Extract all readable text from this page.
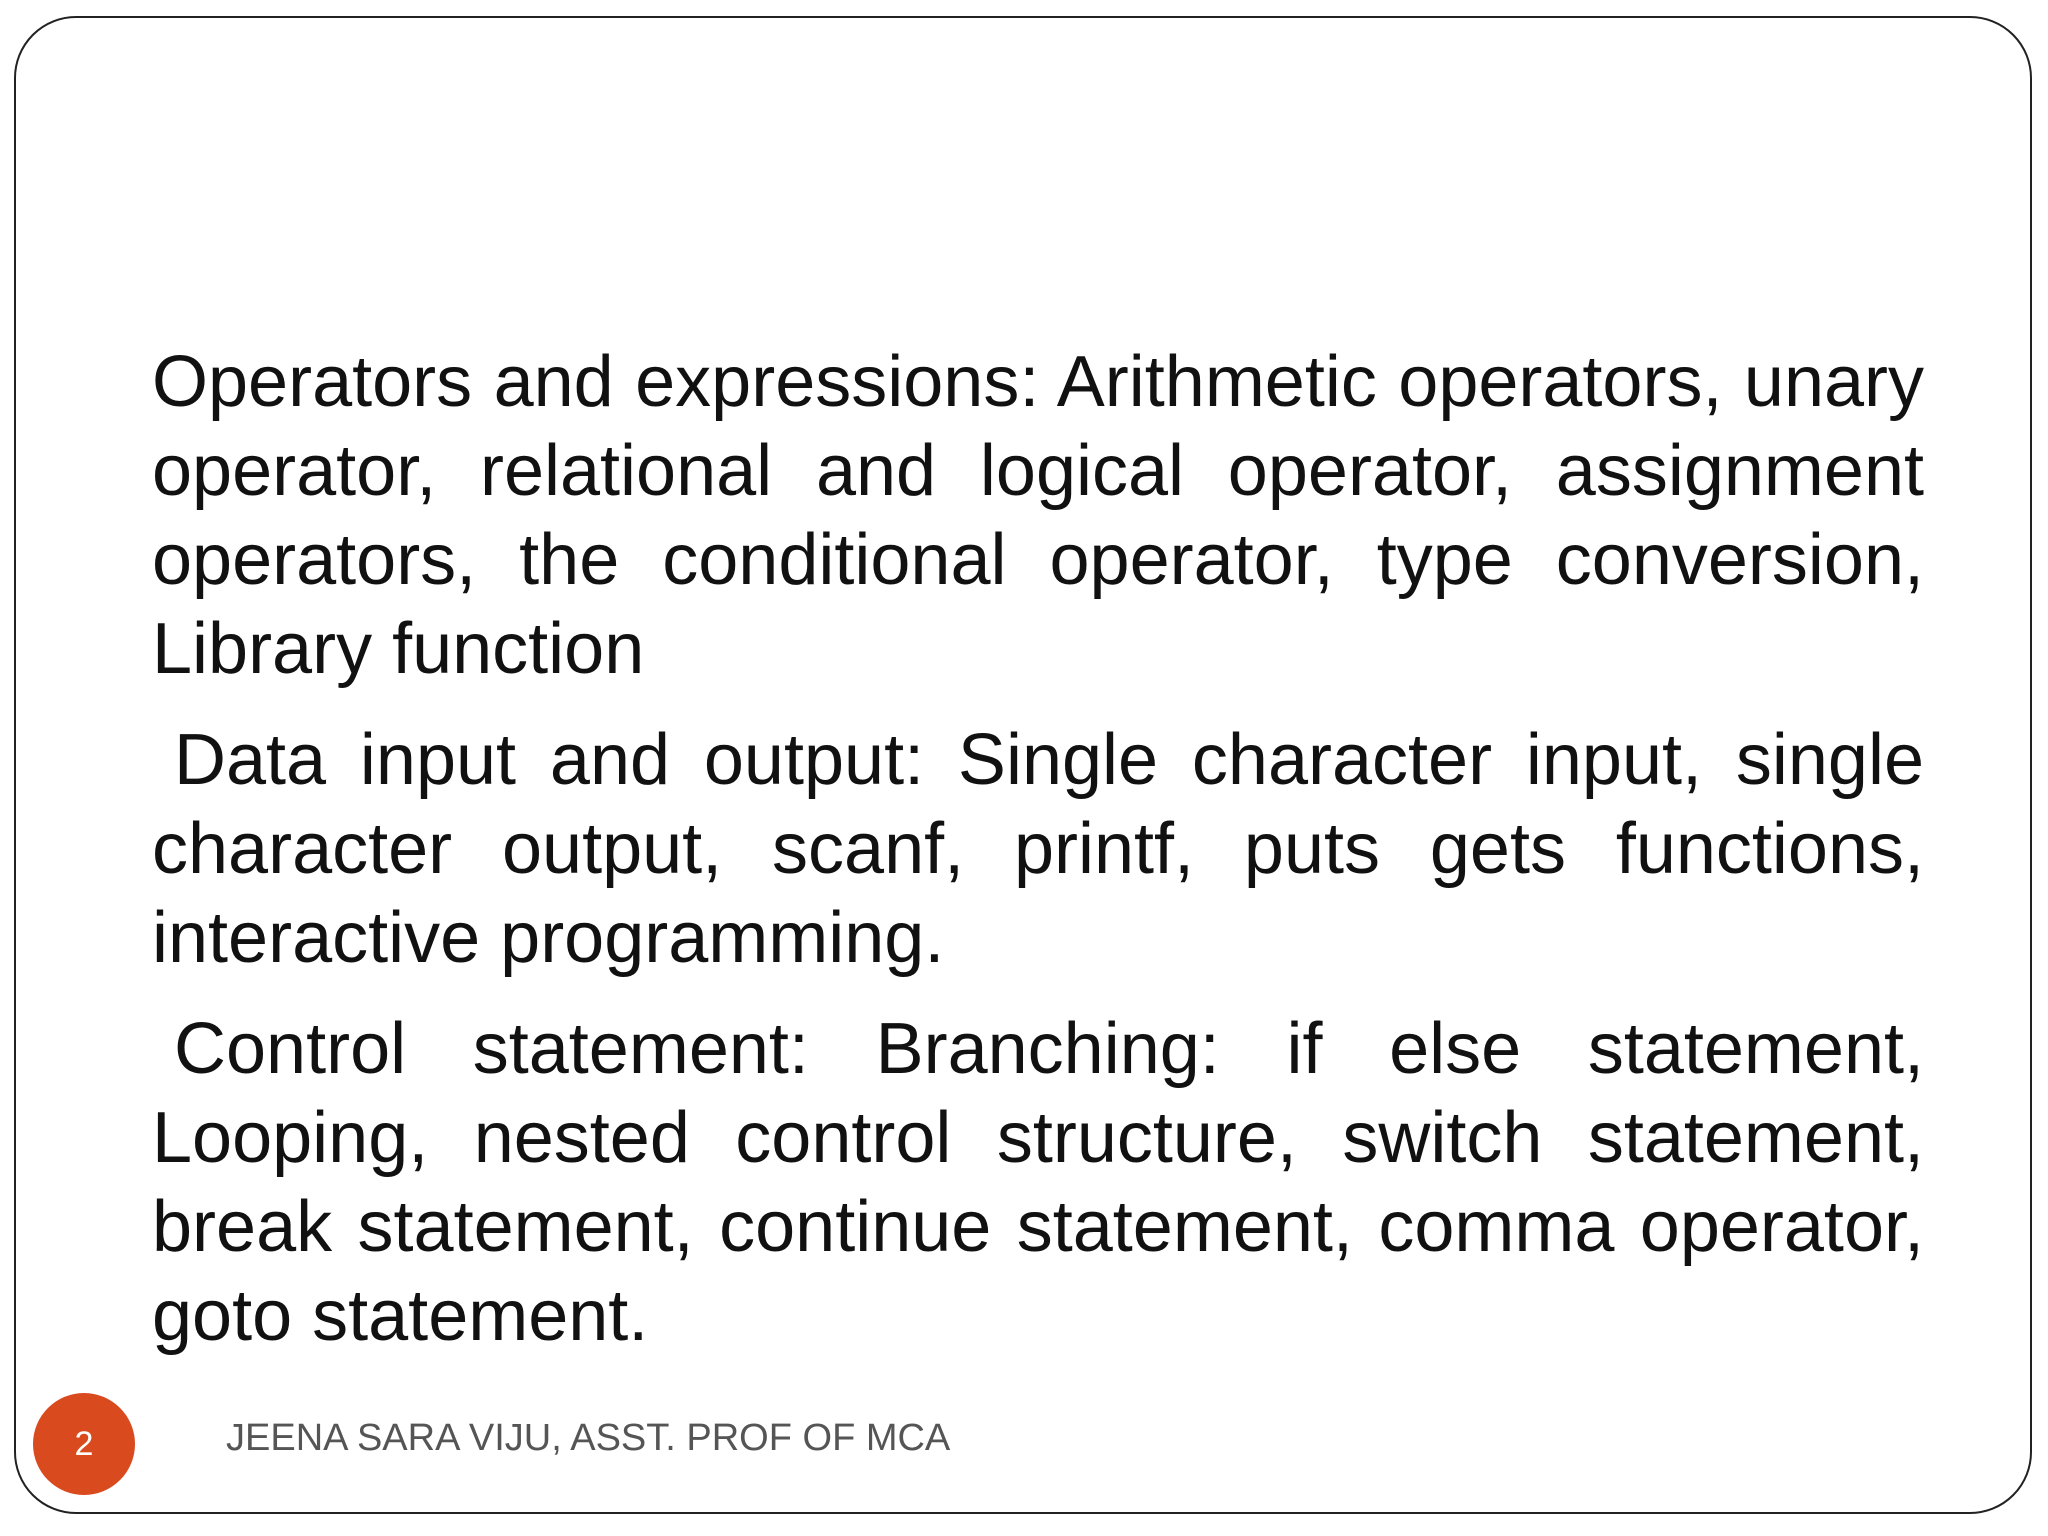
Operators and expressions: Arithmetic operators, unary operator, relational and logical operator, assignment operators, the conditional operator, type conversion, Library function

Data input and output: Single character input, single character output, scanf, printf, puts gets functions, interactive programming.

Control statement: Branching: if else statement, Looping, nested control structure, switch statement, break statement, continue statement, comma operator, goto statement.

2	JEENA SARA VIJU, ASST. PROF OF MCA
